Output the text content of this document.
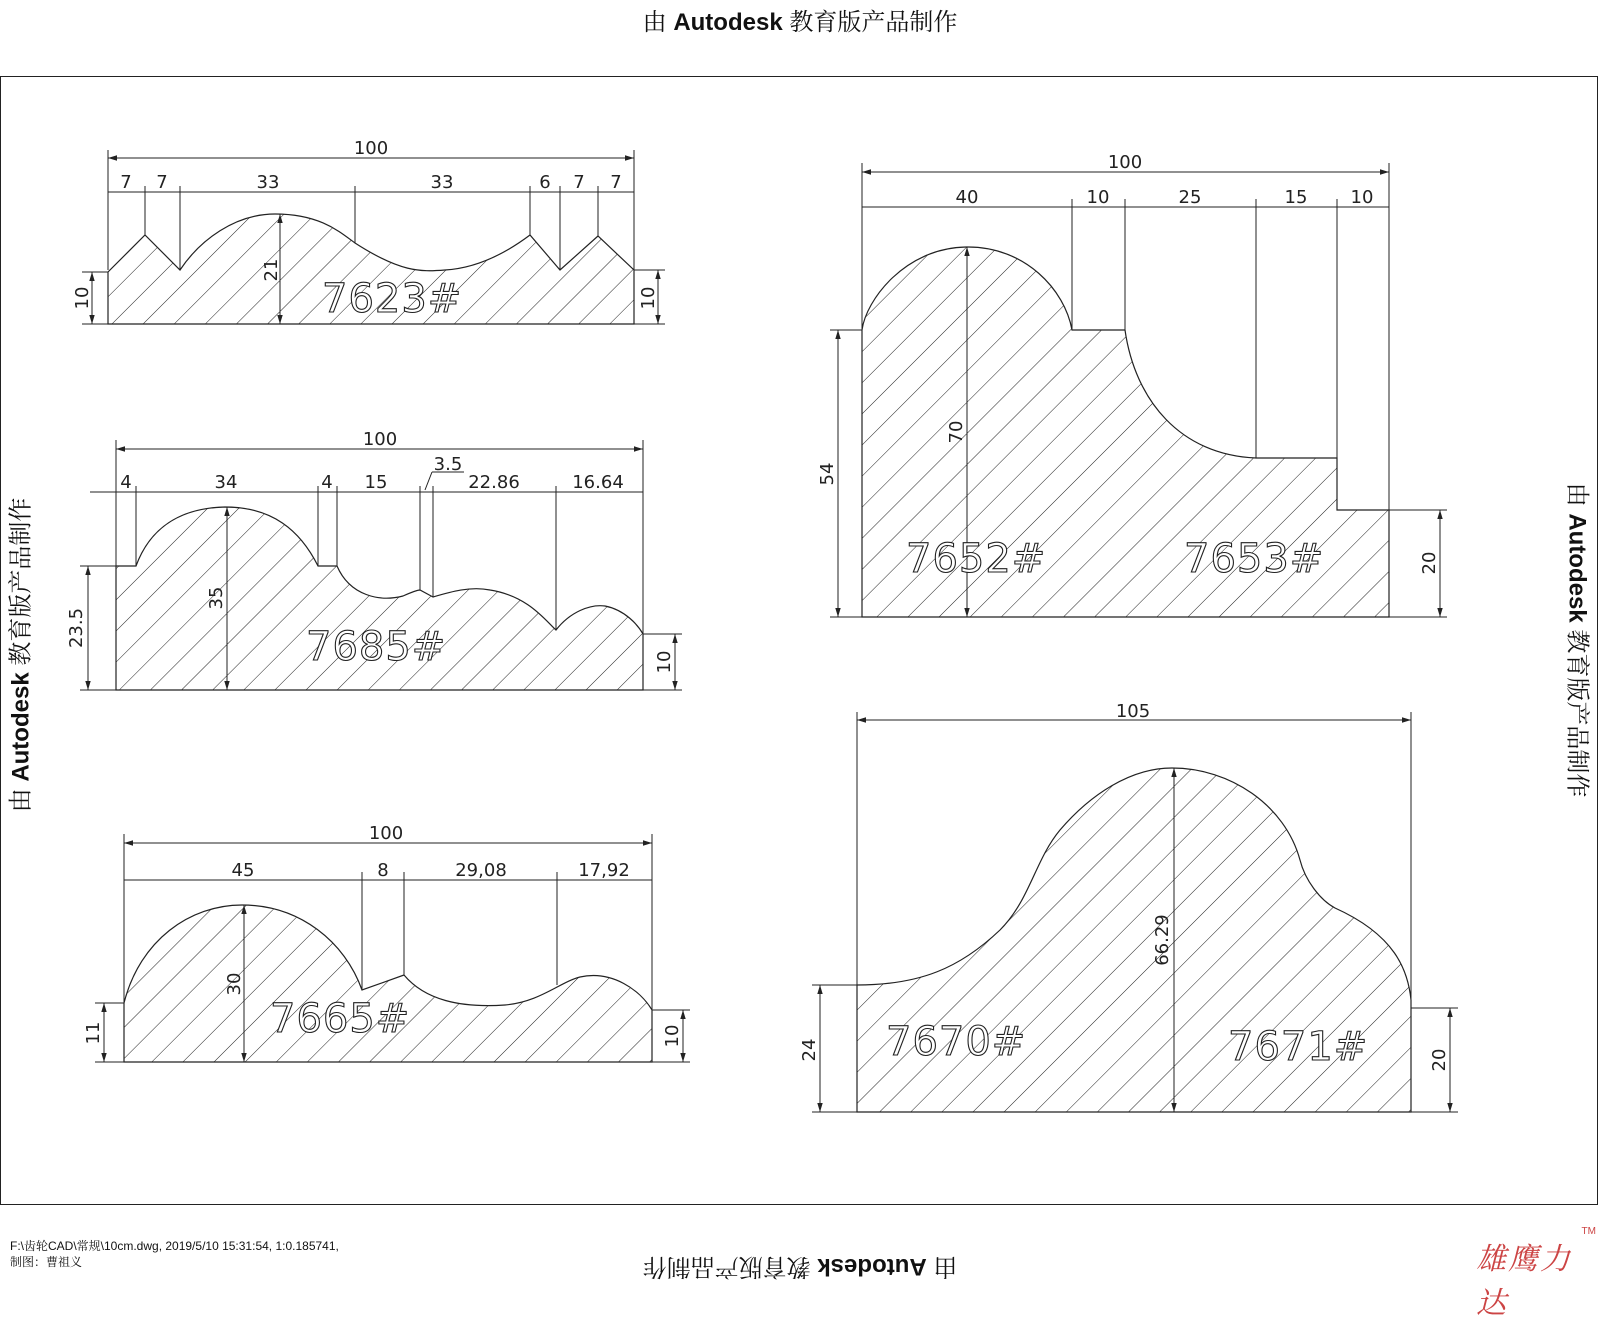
由 Autodesk 教育版产品制作
由 Autodesk 教育版产品制作
由 Autodesk 教育版产品制作
由 Autodesk 教育版产品制作
100
7 7	33	33	6 7 7
21
10	10
7623#
100
4	34	4 15
3.5
22.86	16.64
35
23.5
10
7685#
100
45	8	29,08	17,92
30
11	10
7665#
100
40	10	25	15 10
70
54
20
7652#	7653#
105
66.29
24	20
7670#	7671#
F:\齿轮CAD\常规\10cm.dwg, 2019/5/10 15:31:54, 1:0.185741,
制图：曹祖义	雄鹰力达
TM
